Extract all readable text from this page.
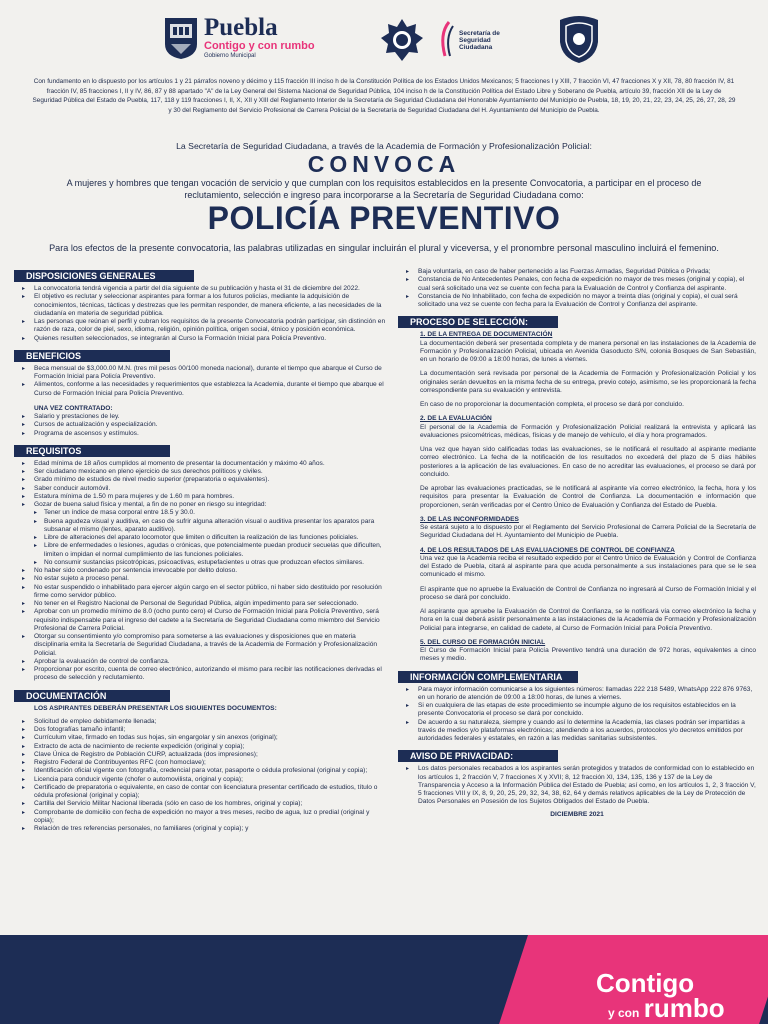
Puebla
Contigo y con rumbo
Gobierno Municipal
Secretaría de
Seguridad
Ciudadana

Con fundamento en lo dispuesto por los artículos 1 y 21 párrafos noveno y décimo y 115 fracción III inciso h de la Constitución Política de los Estados Unidos Mexicanos; 5 fracciones I y XIII, 7 fracción VI, 47 fracciones X y XII, 78, 80 fracción IV, 81 fracción IV, 85 fracciones I, II y IV, 86, 87 y 88 apartado "A" de la Ley General del Sistema Nacional de Seguridad Pública, 104 inciso h de la Constitución Política del Estado Libre y Soberano de Puebla, artículo 39, fracción XII de la Ley de Seguridad Pública del Estado de Puebla, 117, 118 y 119 fracciones I, II, X, XII y XIII del Reglamento Interior de la Secretaría de Seguridad Ciudadana del Honorable Ayuntamiento del Municipio de Puebla, 18, 19, 20, 21, 22, 23, 24, 25, 26, 27, 28, 29 y 30 del Reglamento del Servicio Profesional de Carrera Policial de la Secretaría de Seguridad Ciudadana del H. Ayuntamiento del Municipio de Puebla.

La Secretaría de Seguridad Ciudadana, a través de la Academia de Formación y Profesionalización Policial:

CONVOCA

A mujeres y hombres que tengan vocación de servicio y que cumplan con los requisitos establecidos en la presente Convocatoria, a participar en el proceso de reclutamiento, selección e ingreso para incorporarse a la Secretaría de Seguridad Ciudadana como:

POLICÍA PREVENTIVO

Para los efectos de la presente convocatoria, las palabras utilizadas en singular incluirán el plural y viceversa, y el pronombre personal masculino incluirá el femenino.

DISPOSICIONES GENERALES
▸ La convocatoria tendrá vigencia a partir del día siguiente de su publicación y hasta el 31 de diciembre del 2022.
▸ El objetivo es reclutar y seleccionar aspirantes para formar a los futuros policías, mediante la adquisición de conocimientos, técnicas, tácticas y destrezas que les permitan responder, de manera eficiente, a las necesidades de la ciudadanía en materia de seguridad pública.
▸ Las personas que reúnan el perfil y cubran los requisitos de la presente Convocatoria podrán participar, sin distinción en razón de raza, color de piel, sexo, idioma, religión, opinión política, origen social, étnico y posición económica.
▸ Quienes resulten seleccionados, se integrarán al Curso la Formación Inicial para Policía Preventivo.
BENEFICIOS
▸ Beca mensual de $3,000.00 M.N. (tres mil pesos 00/100 moneda nacional), durante el tiempo que abarque el Curso de Formación Inicial para Policía Preventivo.
▸ Alimentos, conforme a las necesidades y requerimientos que establezca la Academia, durante el tiempo que abarque el Curso de Formación Inicial para Policía Preventivo.
UNA VEZ CONTRATADO:
▸ Salario y prestaciones de ley.
▸ Cursos de actualización y especialización.
▸ Programa de ascensos y estímulos.
REQUISITOS
▸ Edad mínima de 18 años cumplidos al momento de presentar la documentación y máximo 40 años.
▸ Ser ciudadano mexicano en pleno ejercicio de sus derechos políticos y civiles.
▸ Grado mínimo de estudios de nivel medio superior (preparatoria o equivalentes).
▸ Saber conducir automóvil.
▸ Estatura mínima de 1.50 m para mujeres y de 1.60 m para hombres.
▸ Gozar de buena salud física y mental, a fin de no poner en riesgo su integridad:
▸ Tener un índice de masa corporal entre 18.5 y 30.0.
▸ Buena agudeza visual y auditiva, en caso de sufrir alguna alteración visual o auditiva presentar los aparatos para subsanar el mismo (lentes, aparato auditivo).
▸ Libre de alteraciones del aparato locomotor que limiten o dificulten la realización de las funciones policiales.
▸ Libre de enfermedades o lesiones, agudas o crónicas, que potencialmente puedan producir secuelas que dificulten, limiten o impidan el normal cumplimiento de las funciones policiales.
▸ No consumir sustancias psicotrópicas, psicoactivas, estupefacientes u otras que produzcan efectos similares.
▸ No haber sido condenado por sentencia irrevocable por delito doloso.
▸ No estar sujeto a proceso penal.
▸ No estar suspendido o inhabilitado para ejercer algún cargo en el sector público, ni haber sido destituido por resolución firme como servidor público.
▸ No tener en el Registro Nacional de Personal de Seguridad Pública, algún impedimento para ser seleccionado.
▸ Aprobar con un promedio mínimo de 8.0 (ocho punto cero) el Curso de Formación Inicial para Policía Preventivo, será requisito indispensable para el ingreso del cadete a la Secretaría de Seguridad Ciudadana como miembro del Servicio Profesional de Carrera Policial.
▸ Otorgar su consentimiento y/o compromiso para someterse a las evaluaciones y disposiciones que en materia disciplinaria emita la Secretaría de Seguridad Ciudadana, a través de la Academia de Formación y Profesionalización Policial.
▸ Aprobar la evaluación de control de confianza.
▸ Proporcionar por escrito, cuenta de correo electrónico, autorizando el mismo para recibir las notificaciones derivadas el proceso de selección y reclutamiento.
DOCUMENTACIÓN
LOS ASPIRANTES DEBERÁN PRESENTAR LOS SIGUIENTES DOCUMENTOS:
▸ Solicitud de empleo debidamente llenada;
▸ Dos fotografías tamaño infantil;
▸ Currículum vitae, firmado en todas sus hojas, sin engargolar y sin anexos (original);
▸ Extracto de acta de nacimiento de reciente expedición (original y copia);
▸ Clave Única de Registro de Población CURP, actualizada (dos impresiones);
▸ Registro Federal de Contribuyentes RFC (con homoclave);
▸ Identificación oficial vigente con fotografía, credencial para votar, pasaporte o cédula profesional (original y copia);
▸ Licencia para conducir vigente (chofer o automovilista, original y copia);
▸ Certificado de preparatoria o equivalente, en caso de contar con licenciatura presentar certificado de estudios, título o cédula profesional (original y copia);
▸ Cartilla del Servicio Militar Nacional liberada (sólo en caso de los hombres, original y copia);
▸ Comprobante de domicilio con fecha de expedición no mayor a tres meses, recibo de agua, luz o predial (original y copia);
▸ Relación de tres referencias personales, no familiares (original y copia); y
▸ Baja voluntaria, en caso de haber pertenecido a las Fuerzas Armadas, Seguridad Pública o Privada;
▸ Constancia de No Antecedentes Penales, con fecha de expedición no mayor de tres meses (original y copia), el cual será solicitado una vez se cuente con fecha para la Evaluación de Control y Confianza del aspirante.
▸ Constancia de No Inhabilitado, con fecha de expedición no mayor a treinta días (original y copia), el cual será solicitado una vez se cuente con fecha para la Evaluación de Control y Confianza del aspirante.
PROCESO DE SELECCIÓN:
1. DE LA ENTREGA DE DOCUMENTACIÓN

La documentación deberá ser presentada completa y de manera personal en las instalaciones de la Academia de Formación y Profesionalización Policial, ubicada en Avenida Gasoducto S/N, colonia Bosques de San Sebastián, en un horario de 09:00 a 18:00 horas, de lunes a viernes.

La documentación será revisada por personal de la Academia de Formación y Profesionalización Policial y los originales serán devueltos en la misma fecha de su entrega, previo cotejo, asimismo, se les proporcionará la fecha correspondiente para su evaluación y entrevista.

En caso de no proporcionar la documentación completa, el proceso se dará por concluido.

2. DE LA EVALUACIÓN

El personal de la Academia de Formación y Profesionalización Policial realizará la entrevista y aplicará las evaluaciones psicométricas, médicas, físicas y de manejo de vehículo, el día y hora programados.

Una vez que hayan sido calificadas todas las evaluaciones, se le notificará el resultado al aspirante mediante correo electrónico. La fecha de la notificación de los resultados no excederá del plazo de 5 días hábiles posteriores a la aplicación de las evaluaciones. En caso de no acreditar las evaluaciones, el proceso se dará por concluido.

De aprobar las evaluaciones practicadas, se le notificará al aspirante vía correo electrónico, la fecha, hora y los requisitos para presentar la Evaluación de Control de Confianza. La documentación e información que proporcionen, serán verificadas por el Centro Único de Evaluación y Confianza del Estado de Puebla.

3. DE LAS INCONFORMIDADES

Se estará sujeto a lo dispuesto por el Reglamento del Servicio Profesional de Carrera Policial de la Secretaría de Seguridad Ciudadana del H. Ayuntamiento del Municipio de Puebla.

4. DE LOS RESULTADOS DE LAS EVALUACIONES DE CONTROL DE CONFIANZA

Una vez que la Academia reciba el resultado expedido por el Centro Único de Evaluación y Control de Confianza del Estado de Puebla, citará al aspirante para que acuda personalmente a sus instalaciones para que se le sea comunicado el mismo.

El aspirante que no apruebe la Evaluación de Control de Confianza no ingresará al Curso de Formación Inicial y el proceso se dará por concluido.

Al aspirante que apruebe la Evaluación de Control de Confianza, se le notificará vía correo electrónico la fecha y hora en la cual deberá asistir personalmente a las instalaciones de la Academia de Formación y Profesionalización Policial para integrarse, en calidad de cadete, al Curso de Formación Inicial para Policía Preventivo.

5. DEL CURSO DE FORMACIÓN INICIAL

El Curso de Formación Inicial para Policía Preventivo tendrá una duración de 972 horas, equivalentes a cinco meses y medio.

INFORMACIÓN COMPLEMENTARIA
▸ Para mayor información comunicarse a los siguientes números: llamadas 222 218 5489, WhatsApp 222 876 9763, en un horario de atención de 09:00 a 18:00 horas, de lunes a viernes.
▸ Si en cualquiera de las etapas de este procedimiento se incumple alguno de los requisitos establecidos en la presente Convocatoria el proceso se dará por concluido.
▸ De acuerdo a su naturaleza, siempre y cuando así lo determine la Academia, las clases podrán ser impartidas a través de medios y/o plataformas electrónicas; atendiendo a los acuerdos, protocolos y/o decretos emitidos por autoridades federales y estatales, en razón a las medidas sanitarias subsistentes.
AVISO DE PRIVACIDAD:
▸ Los datos personales recabados a los aspirantes serán protegidos y tratados de conformidad con lo establecido en los artículos 1, 2 fracción V, 7 fracciones X y XVII; 8, 12 fracción XI, 134, 135, 136 y 137 de la Ley de Transparencia y Acceso a la Información Pública del Estado de Puebla; así como, en los artículos 1, 2, 3 fracción V, 5 fracciones VIII y IX, 8, 9, 20, 25, 29, 32, 34, 38, 62, 64 y demás relativos aplicables de la Ley de Protección de Datos Personales en Posesión de los Sujetos Obligados del Estado de Puebla.
DICIEMBRE 2021
Contigo
y con rumbo
